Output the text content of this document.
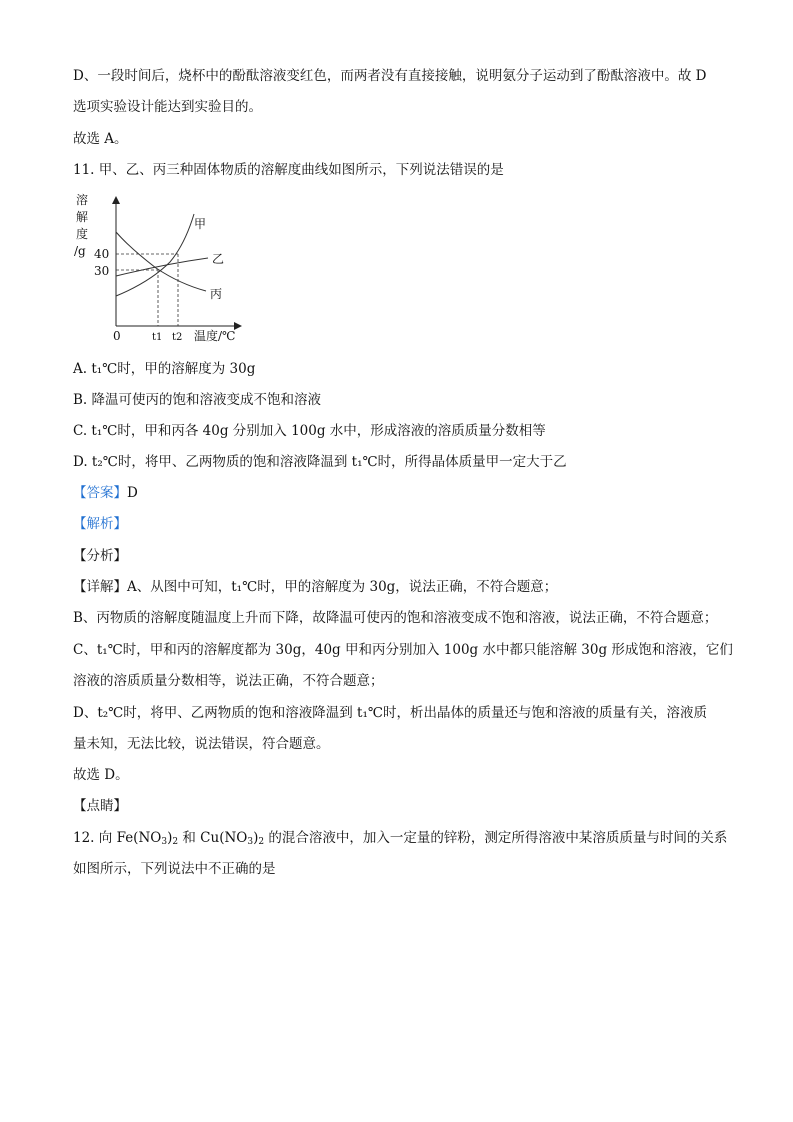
D、一段时间后，烧杯中的酚酞溶液变红色，而两者没有直接接触，说明氨分子运动到了酚酞溶液中。故 D
选项实验设计能达到实验目的。
故选 A。
11. 甲、乙、丙三种固体物质的溶解度曲线如图所示，下列说法错误的是
溶
解
度
/g 40
30
甲
乙
丙
0	t1 t2 温度/℃
A. t₁℃时，甲的溶解度为 30g
B. 降温可使丙的饱和溶液变成不饱和溶液
C. t₁℃时，甲和丙各 40g 分别加入 100g 水中，形成溶液的溶质质量分数相等
D. t₂℃时，将甲、乙两物质的饱和溶液降温到 t₁℃时，所得晶体质量甲一定大于乙
【答案】D
【解析】
【分析】
【详解】A、从图中可知，t₁℃时，甲的溶解度为 30g，说法正确，不符合题意；
B、丙物质的溶解度随温度上升而下降，故降温可使丙的饱和溶液变成不饱和溶液，说法正确，不符合题意；
C、t₁℃时，甲和丙的溶解度都为 30g，40g 甲和丙分别加入 100g 水中都只能溶解 30g 形成饱和溶液，它们
溶液的溶质质量分数相等，说法正确，不符合题意；
D、t₂℃时，将甲、乙两物质的饱和溶液降温到 t₁℃时，析出晶体的质量还与饱和溶液的质量有关，溶液质
量未知，无法比较，说法错误，符合题意。
故选 D。
【点睛】
12. 向 $Fe(NO_3)_2$ 和 $Cu(NO_3)_2$ 的混合溶液中，加入一定量的锌粉，测定所得溶液中某溶质质量与时间的关系
如图所示，下列说法中不正确的是
